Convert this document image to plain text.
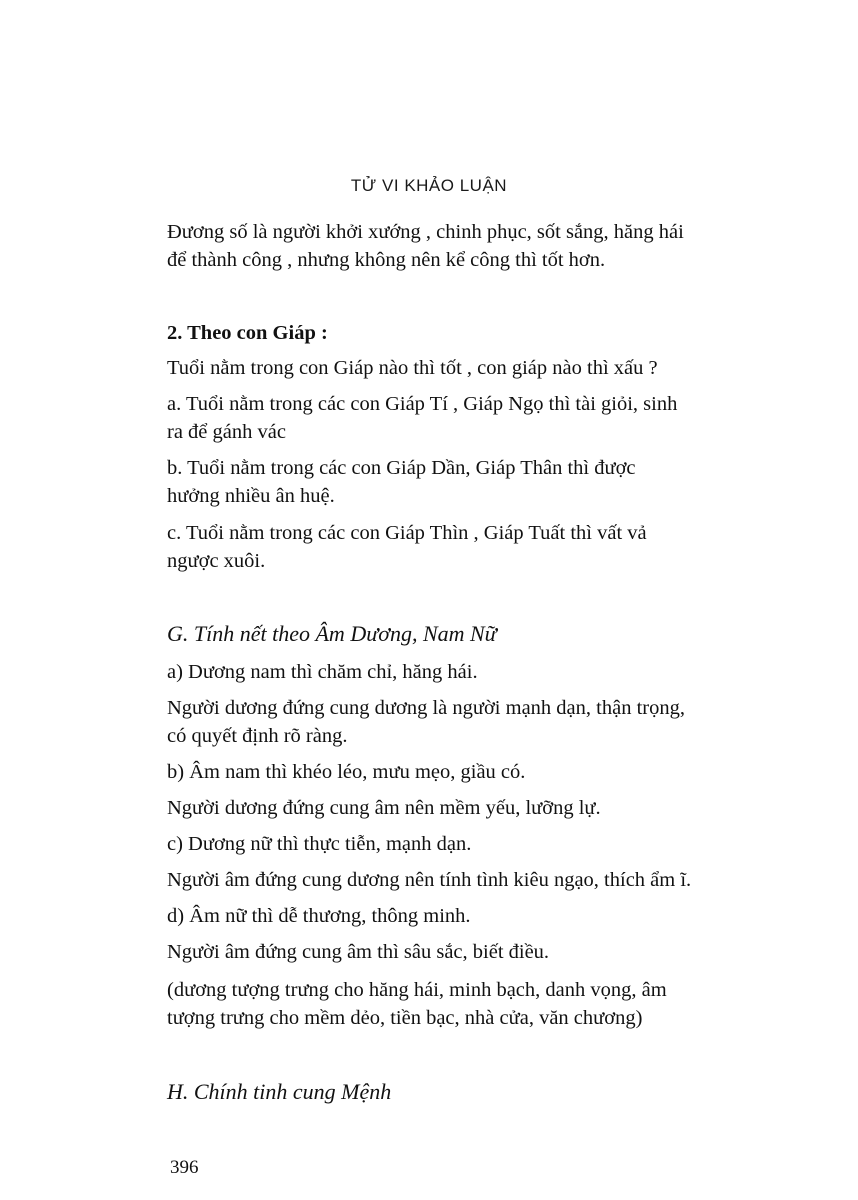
TỬ VI KHẢO LUẬN
Đương số là người khởi xướng , chinh phục, sốt sắng, hăng hái
để thành công , nhưng không nên kể công thì tốt hơn.
2. Theo con Giáp :
Tuổi nằm trong con Giáp nào thì tốt , con giáp nào thì xấu ?
a. Tuổi nằm trong các con Giáp Tí , Giáp Ngọ thì tài giỏi, sinh
ra để gánh vác
b. Tuổi nằm trong các con Giáp Dần, Giáp Thân thì được
hưởng nhiều ân huệ.
c. Tuổi nằm trong các con Giáp Thìn , Giáp Tuất thì vất vả
ngược xuôi.
G. Tính nết theo Âm Dương, Nam Nữ
a) Dương nam thì chăm chỉ, hăng hái.
Người dương đứng cung dương là người mạnh dạn, thận trọng,
có quyết định rõ ràng.
b) Âm nam thì khéo léo, mưu mẹo, giầu có.
Người dương đứng cung âm nên mềm yếu, lưỡng lự.
c) Dương nữ thì thực tiễn, mạnh dạn.
Người âm đứng cung dương nên tính tình kiêu ngạo, thích ẩm ĩ.
d) Âm nữ thì dễ thương, thông minh.
Người âm đứng cung âm thì sâu sắc, biết điều.
(dương tượng trưng cho hăng hái, minh bạch, danh vọng, âm
tượng trưng cho mềm dẻo, tiền bạc, nhà cửa, văn chương)
H. Chính tinh cung Mệnh
396
